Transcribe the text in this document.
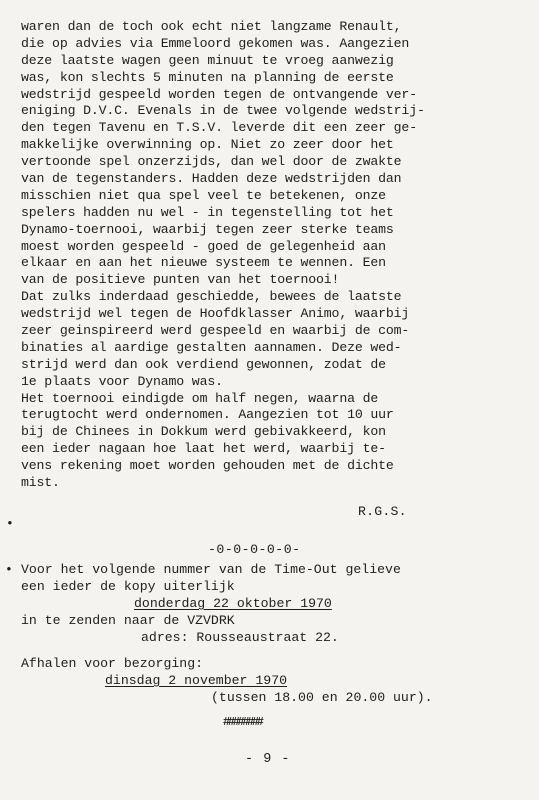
waren dan de toch ook echt niet langzame Renault,
die op advies via Emmeloord gekomen was. Aangezien
deze laatste wagen geen minuut te vroeg aanwezig
was, kon slechts 5 minuten na planning de eerste
wedstrijd gespeeld worden tegen de ontvangende ver-
eniging D.V.C. Evenals in de twee volgende wedstrij-
den tegen Tavenu en T.S.V. leverde dit een zeer ge-
makkelijke overwinning op. Niet zo zeer door het
vertoonde spel onzerzijds, dan wel door de zwakte
van de tegenstanders. Hadden deze wedstrijden dan
misschien niet qua spel veel te betekenen, onze
spelers hadden nu wel - in tegenstelling tot het
Dynamo-toernooi, waarbij tegen zeer sterke teams
moest worden gespeeld - goed de gelegenheid aan
elkaar en aan het nieuwe systeem te wennen. Een
van de positieve punten van het toernooi!
Dat zulks inderdaad geschiedde, bewees de laatste
wedstrijd wel tegen de Hoofdklasser Animo, waarbij
zeer geinspireerd werd gespeeld en waarbij de com-
binaties al aardige gestalten aannamen. Deze wed-
strijd werd dan ook verdiend gewonnen, zodat de
1e plaats voor Dynamo was.
Het toernooi eindigde om half negen, waarna de
terugtocht werd ondernomen. Aangezien tot 10 uur
bij de Chinees in Dokkum werd gebivakkeerd, kon
een ieder nagaan hoe laat het werd, waarbij te-
vens rekening moet worden gehouden met de dichte
mist.
R.G.S.
•
-0-0-0-0-0-
• Voor het volgende nummer van de Time-Out gelieve
een ieder de kopy uiterlijk
donderdag 22 oktober 1970
in te zenden naar de VZVDRK
adres: Rousseaustraat 22.
Afhalen voor bezorging:
dinsdag 2 november 1970
(tussen 18.00 en 20.00 uur).
########
- 9 -
